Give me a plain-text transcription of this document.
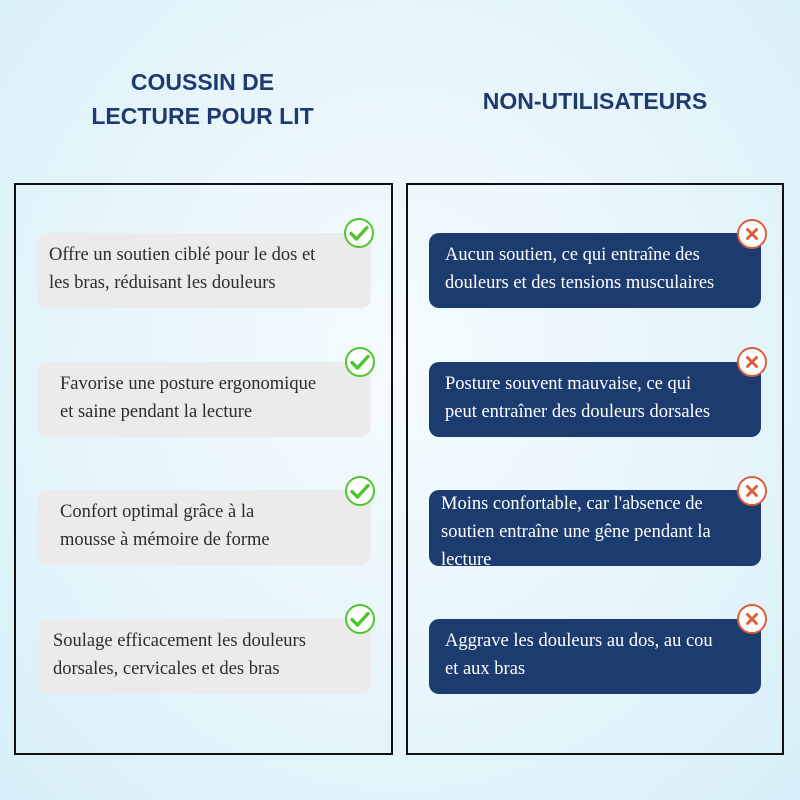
COUSSIN DE
LECTURE POUR LIT
NON-UTILISATEURS
Offre un soutien ciblé pour le dos et
les bras, réduisant les douleurs
Favorise une posture ergonomique
et saine pendant la lecture
Confort optimal grâce à la
mousse à mémoire de forme
Soulage efficacement les douleurs
dorsales, cervicales et des bras
Aucun soutien, ce qui entraîne des
douleurs et des tensions musculaires
Posture souvent mauvaise, ce qui
peut entraîner des douleurs dorsales
Moins confortable, car l'absence de
soutien entraîne une gêne pendant la
lecture
Aggrave les douleurs au dos, au cou
et aux bras
